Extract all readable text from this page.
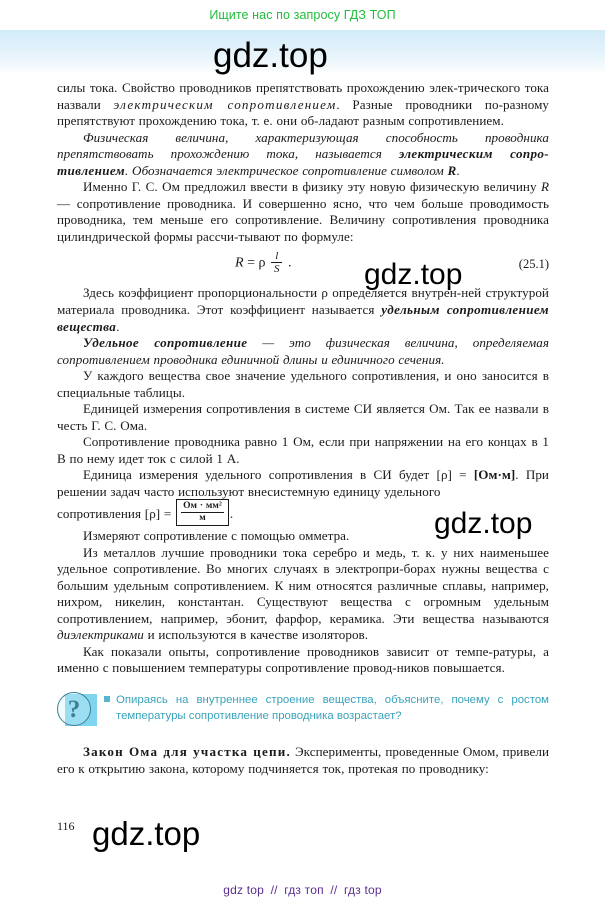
Ищите нас по запросу ГДЗ ТОП
gdz.top
gdz.top
gdz.top
gdz.top

силы тока. Свойство проводников препятствовать прохождению элек-трического тока назвали электрическим сопротивлением. Разные проводники по-разному препятствуют прохождению тока, т. е. они об-ладают разным сопротивлением.

Физическая величина, характеризующая способность проводника препятствовать прохождению тока, называется электрическим сопро-тивлением. Обозначается электрическое сопротивление символом R.

Именно Г. С. Ом предложил ввести в физику эту новую физическую величину R — сопротивление проводника. И совершенно ясно, что чем больше проводимость проводника, тем меньше его сопротивление. Величину сопротивления проводника цилиндрической формы рассчи-тывают по формуле:

R = ρ $\frac{l}{S}$ .	(25.1)

Здесь коэффициент пропорциональности ρ определяется внутрен-ней структурой материала проводника. Этот коэффициент называется удельным сопротивлением вещества.

Удельное сопротивление — это физическая величина, определяемая сопротивлением проводника единичной длины и единичного сечения.

У каждого вещества свое значение удельного сопротивления, и оно заносится в специальные таблицы.

Единицей измерения сопротивления в системе СИ является Ом. Так ее назвали в честь Г. С. Ома.

Сопротивление проводника равно 1 Ом, если при напряжении на его концах в 1 В по нему идет ток с силой 1 А.

Единица измерения удельного сопротивления в СИ будет [ρ] = [Ом·м]. При решении задач часто используют внесистемную единицу удельного

сопротивления $[\rho] = \frac{\text{Ом · мм²}}{м}$ .

Измеряют сопротивление с помощью омметра.

Из металлов лучшие проводники тока серебро и медь, т. к. у них наименьшее удельное сопротивление. Во многих случаях в электропри-борах нужны вещества с большим удельным сопротивлением. К ним относятся различные сплавы, например, нихром, никелин, константан. Существуют вещества с огромным удельным сопротивлением, например, эбонит, фарфор, керамика. Эти вещества называются диэлектриками и используются в качестве изоляторов.

Как показали опыты, сопротивление проводников зависит от темпе-ратуры, а именно с повышением температуры сопротивление провод-ников повышается.

?	Опираясь на внутреннее строение вещества, объясните, почему с ростом температуры сопротивление проводника возрастает?

Закон Ома для участка цепи. Эксперименты, проведенные Омом, привели его к открытию закона, которому подчиняется ток, протекая по проводнику:

116
gdz top // гдз топ // гдз top
